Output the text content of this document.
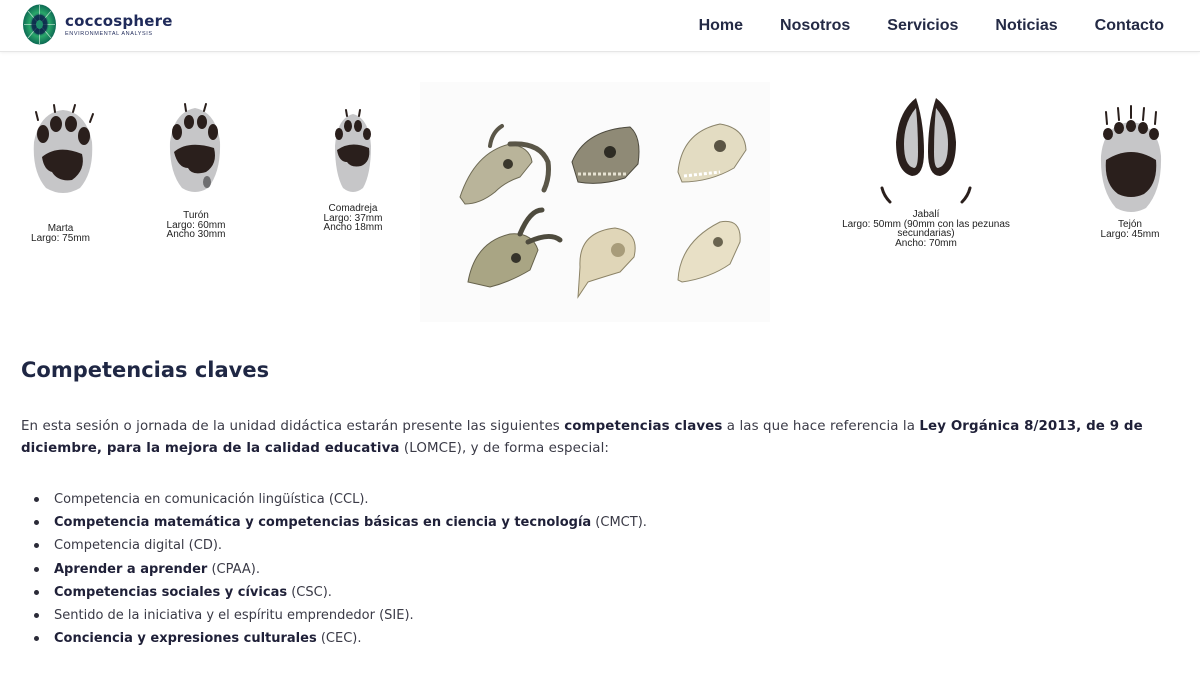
coccosphere
ENVIRONMENTAL ANALYSIS	Home Nosotros Servicios Noticias Contacto
Marta
Largo: 75mm
Turón
Largo: 60mm
Ancho 30mm
Comadreja
Largo: 37mm
Ancho 18mm
Jabalí
Largo: 50mm (90mm con las pezunas
secundarias)
Ancho: 70mm
Tejón
Largo: 45mm
Competencias claves

En esta sesión o jornada de la unidad didáctica estarán presente las siguientes competencias claves a las que hace referencia la Ley Orgánica 8/2013, de 9 de diciembre, para la mejora de la calidad educativa (LOMCE), y de forma especial:

Competencia en comunicación lingüística (CCL).
Competencia matemática y competencias básicas en ciencia y tecnología (CMCT).
Competencia digital (CD).
Aprender a aprender (CPAA).
Competencias sociales y cívicas (CSC).
Sentido de la iniciativa y el espíritu emprendedor (SIE).
Conciencia y expresiones culturales (CEC).
